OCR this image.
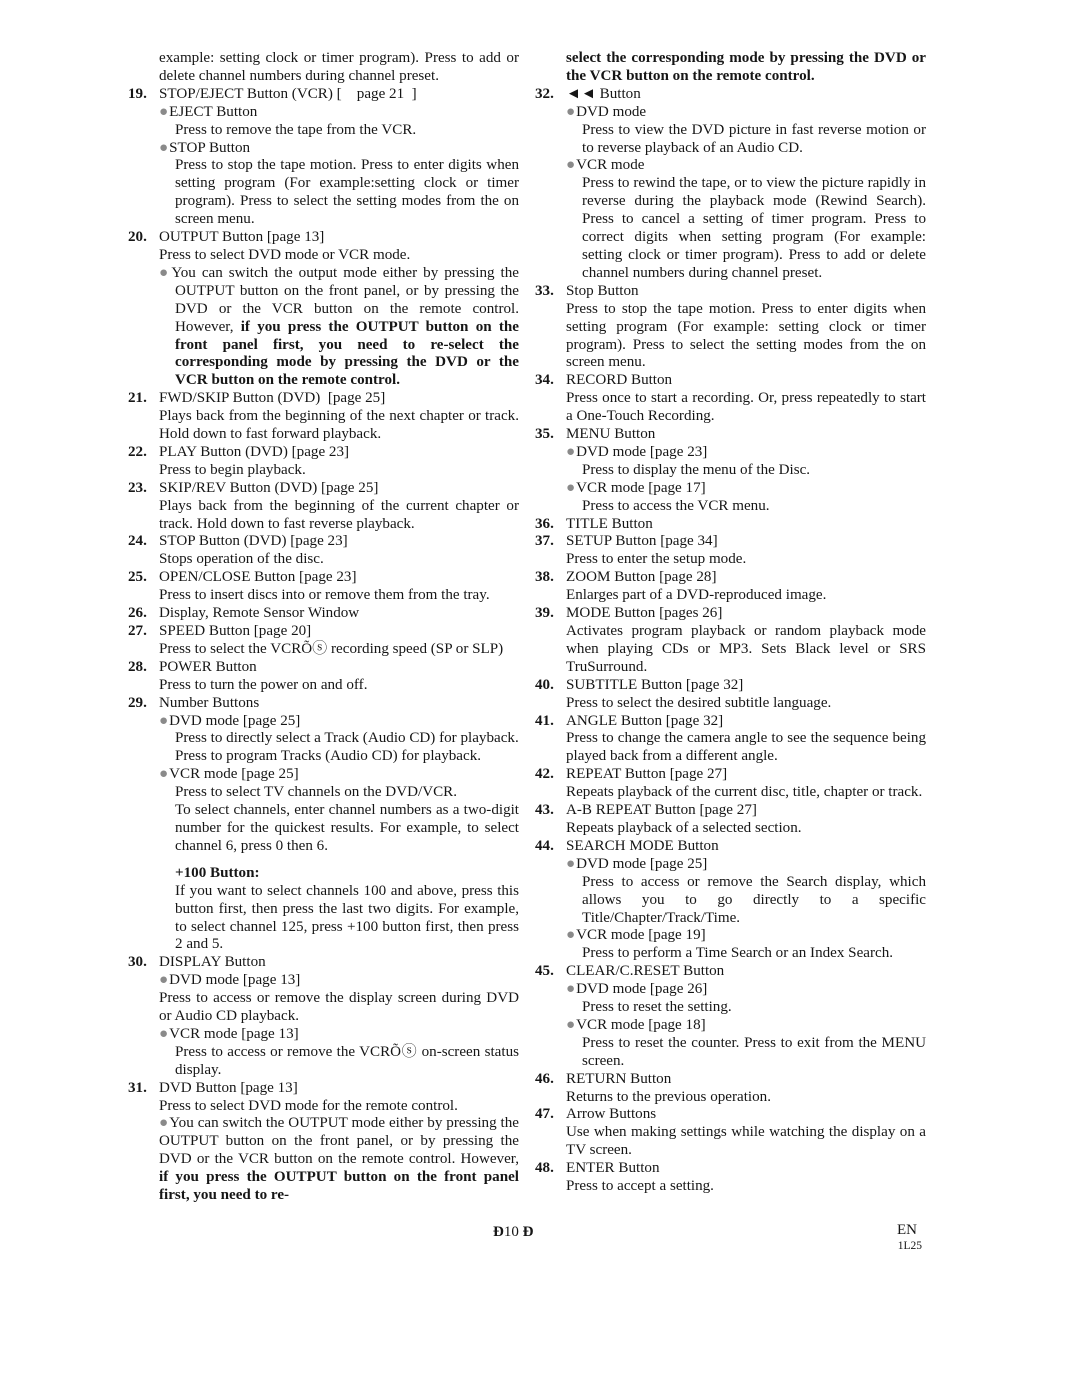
example: setting clock or timer program). Press to add or delete channel numbers during channel preset.

19. STOP/EJECT Button (VCR) [    page 21  ]

●EJECT Button

Press to remove the tape from the VCR.

●STOP Button

Press to stop the tape motion. Press to enter digits when setting program (For example:setting clock or timer program). Press to select the setting modes from the on screen menu.

20. OUTPUT Button [page 13]

Press to select DVD mode or VCR mode.

●You can switch the output mode either by pressing the OUTPUT button on the front panel, or by pressing the DVD or the VCR button on the remote control. However, if you press the OUTPUT button on the front panel first, you need to re-select the corresponding mode by pressing the DVD or the VCR button on the remote control.

21. FWD/SKIP Button (DVD)  [page 25]

Plays back from the beginning of the next chapter or track. Hold down to fast forward playback.

22. PLAY Button (DVD) [page 23]

Press to begin playback.

23. SKIP/REV Button (DVD) [page 25]

Plays back from the beginning of the current chapter or track. Hold down to fast reverse playback.

24. STOP Button (DVD) [page 23]

Stops operation of the disc.

25. OPEN/CLOSE Button [page 23]

Press to insert discs into or remove them from the tray.

26. Display, Remote Sensor Window

27. SPEED Button [page 20]

Press to select the VCRÕⓢ recording speed (SP or SLP)

28. POWER Button

Press to turn the power on and off.

29. Number Buttons

●DVD mode [page 25]

Press to directly select a Track (Audio CD) for playback.

Press to program Tracks (Audio CD) for playback.

●VCR mode [page 25]

Press to select TV channels on the DVD/VCR.

To select channels, enter channel numbers as a two-digit number for the quickest results. For example, to select channel 6, press 0 then 6.

+100 Button:

If you want to select channels 100 and above, press this button first, then press the last two digits. For example, to select channel 125, press +100 button first, then press 2 and 5.

30. DISPLAY Button

●DVD mode [page 13]

Press to access or remove the display screen during DVD or Audio CD playback.

●VCR mode [page 13]

Press to access or remove the VCRÕⓢ on-screen status display.

31. DVD Button [page 13]

Press to select DVD mode for the remote control.

●You can switch the OUTPUT mode either by pressing the OUTPUT button on the front panel, or by pressing the DVD or the VCR button on the remote control. However, if you press the OUTPUT button on the front panel first, you need to re-

select the corresponding mode by pressing the DVD or the VCR button on the remote control.

32. ◄◄ Button

●DVD mode

Press to view the DVD picture in fast reverse motion or to reverse playback of an Audio CD.

●VCR mode

Press to rewind the tape, or to view the picture rapidly in reverse during the playback mode (Rewind Search). Press to cancel a setting of timer program. Press to correct digits when setting program (For example: setting clock or timer program). Press to add or delete channel numbers during channel preset.

33. Stop Button

Press to stop the tape motion. Press to enter digits when setting program (For example: setting clock or timer program). Press to select the setting modes from the on screen menu.

34. RECORD Button

Press once to start a recording. Or, press repeatedly to start a One-Touch Recording.

35. MENU Button

●DVD mode [page 23]

Press to display the menu of the Disc.

●VCR mode [page 17]

Press to access the VCR menu.

36. TITLE Button

37. SETUP Button [page 34]

Press to enter the setup mode.

38. ZOOM Button [page 28]

Enlarges part of a DVD-reproduced image.

39. MODE Button [pages 26]

Activates program playback or random playback mode when playing CDs or MP3. Sets Black level or SRS TruSurround.

40. SUBTITLE Button [page 32]

Press to select the desired subtitle language.

41. ANGLE Button [page 32]

Press to change the camera angle to see the sequence being played back from a different angle.

42. REPEAT Button [page 27]

Repeats playback of the current disc, title, chapter or track.

43. A-B REPEAT Button [page 27]

Repeats playback of a selected section.

44. SEARCH MODE Button

●DVD mode [page 25]

Press to access or remove the Search display, which allows you to go directly to a specific Title/Chapter/Track/Time.

●VCR mode [page 19]

Press to perform a Time Search or an Index Search.

45. CLEAR/C.RESET Button

●DVD mode [page 26]

Press to reset the setting.

●VCR mode [page 18]

Press to reset the counter. Press to exit from the MENU screen.

46. RETURN Button

Returns to the previous operation.

47. Arrow Buttons

Use when making settings while watching the display on a TV screen.

48. ENTER Button

Press to accept a setting.

Ð10 Ð	EN
1L25
